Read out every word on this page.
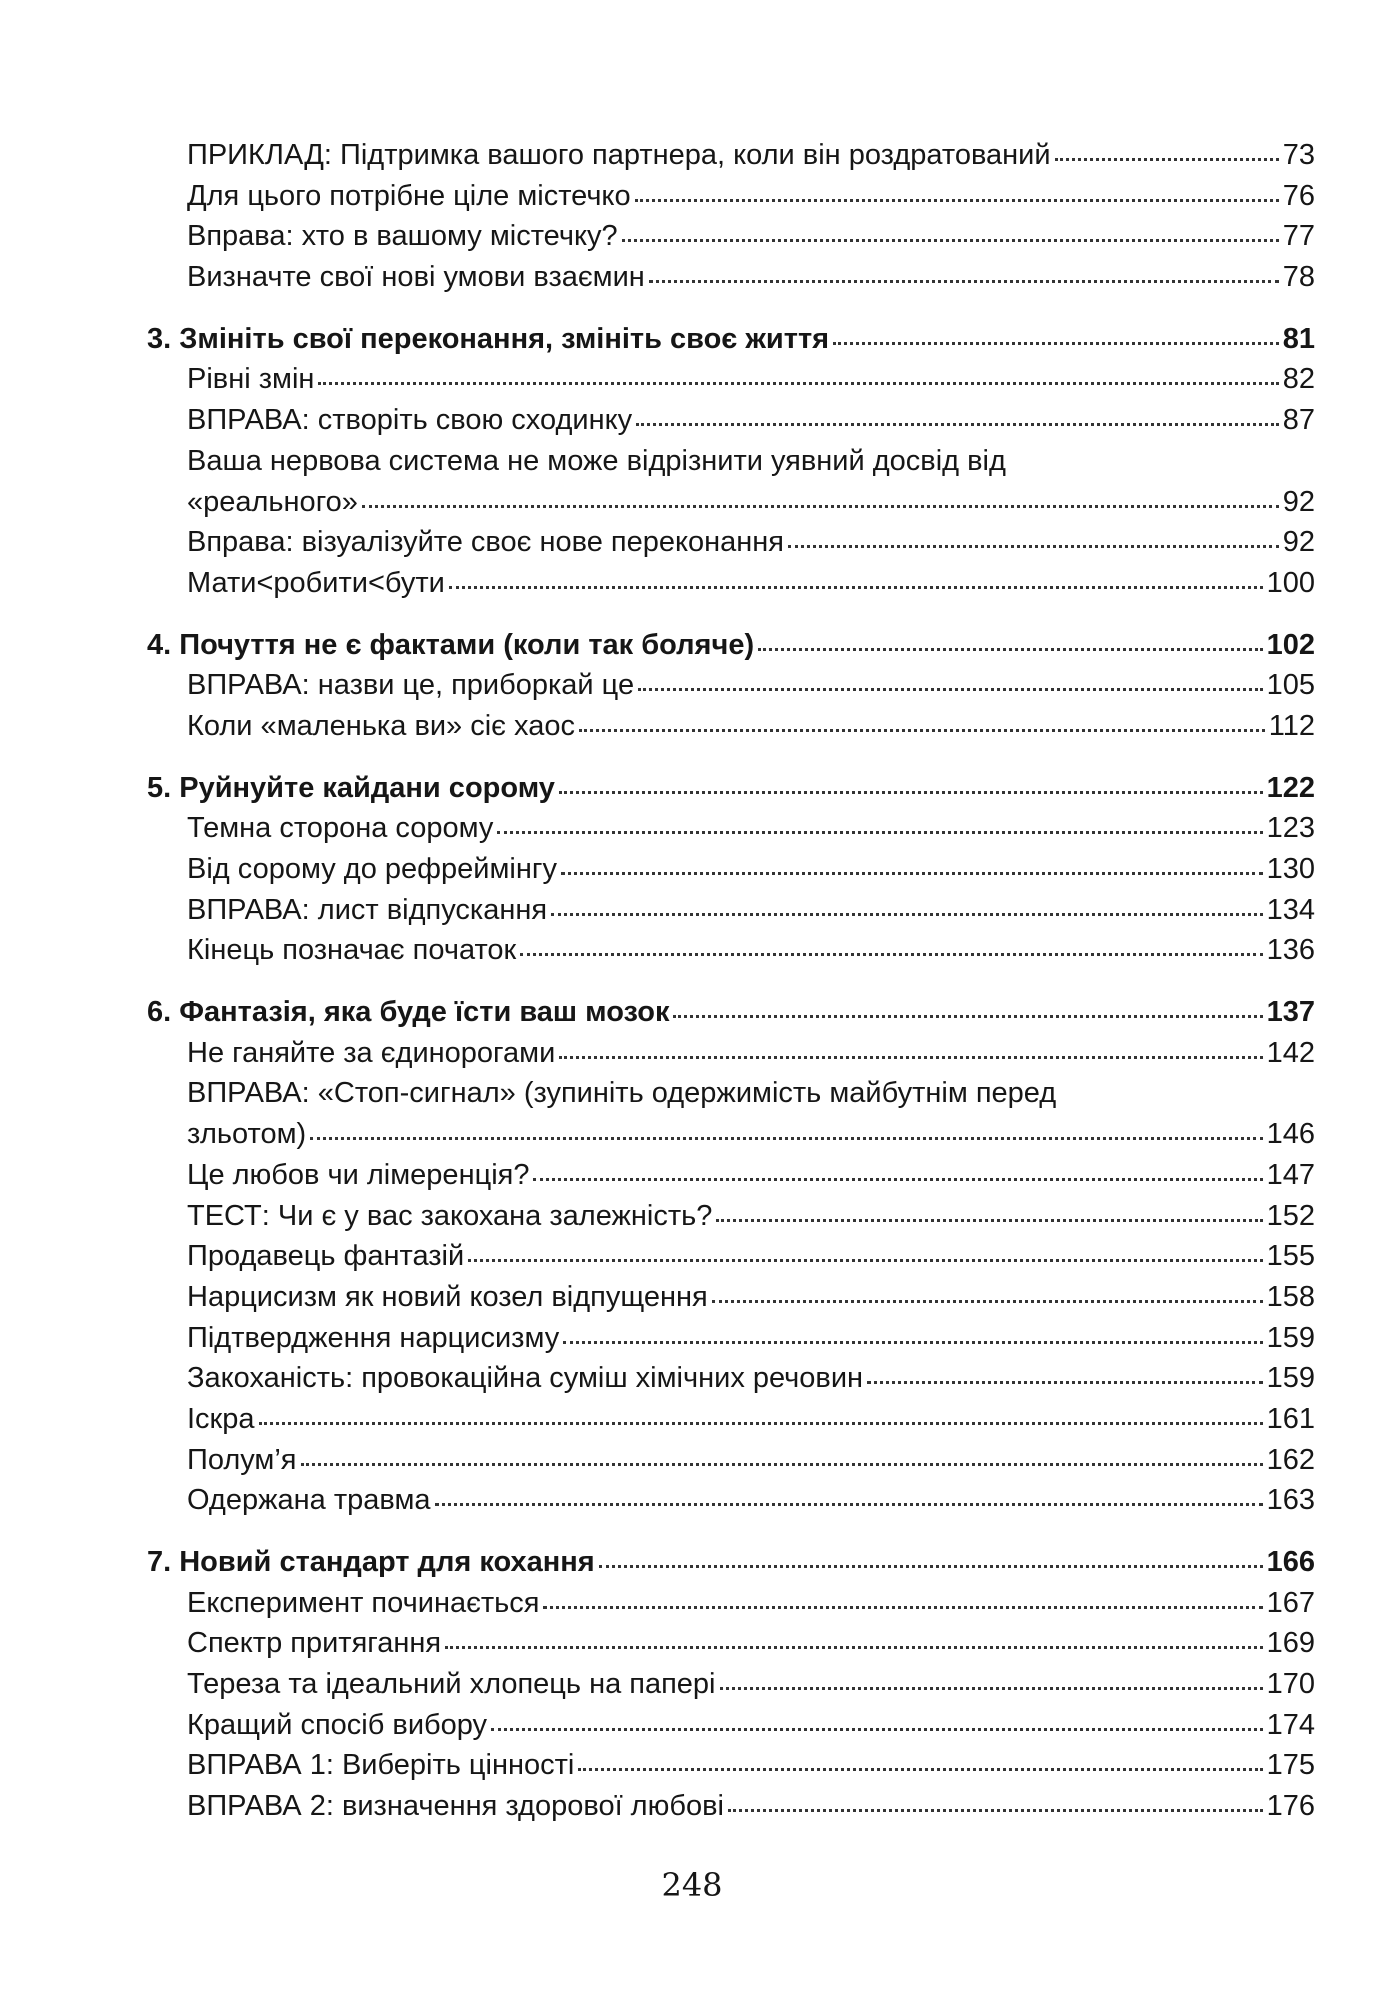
ПРИКЛАД: Підтримка вашого партнера, коли він роздратований	73
Для цього потрібне ціле містечко	76
Вправа: хто в вашому містечку?	77
Визначте свої нові умови взаємин	78
3. Змініть свої переконання, змініть своє життя	81
Рівні змін	82
ВПРАВА: створіть свою сходинку	87
Ваша нервова система не може відрізнити уявний досвід від
«реального»	92
Вправа: візуалізуйте своє нове переконання	92
Мати<робити<бути	100
4. Почуття не є фактами (коли так боляче)	102
ВПРАВА: назви це, приборкай це	105
Коли «маленька ви» сіє хаос	112
5. Руйнуйте кайдани сорому	122
Темна сторона сорому	123
Від сорому до рефреймінгу	130
ВПРАВА: лист відпускання	134
Кінець позначає початок	136
6. Фантазія, яка буде їсти ваш мозок	137
Не ганяйте за єдинорогами	142
ВПРАВА: «Стоп-сигнал» (зупиніть одержимість майбутнім перед
зльотом)	146
Це любов чи лімеренція?	147
ТЕСТ: Чи є у вас закохана залежність?	152
Продавець фантазій	155
Нарцисизм як новий козел відпущення	158
Підтвердження нарцисизму	159
Закоханість: провокаційна суміш хімічних речовин	159
Іскра	161
Полум’я	162
Одержана травма	163
7. Новий стандарт для кохання	166
Експеримент починається	167
Спектр притягання	169
Тереза та ідеальний хлопець на папері	170
Кращий спосіб вибору	174
ВПРАВА 1: Виберіть цінності	175
ВПРАВА 2: визначення здорової любові	176
248
